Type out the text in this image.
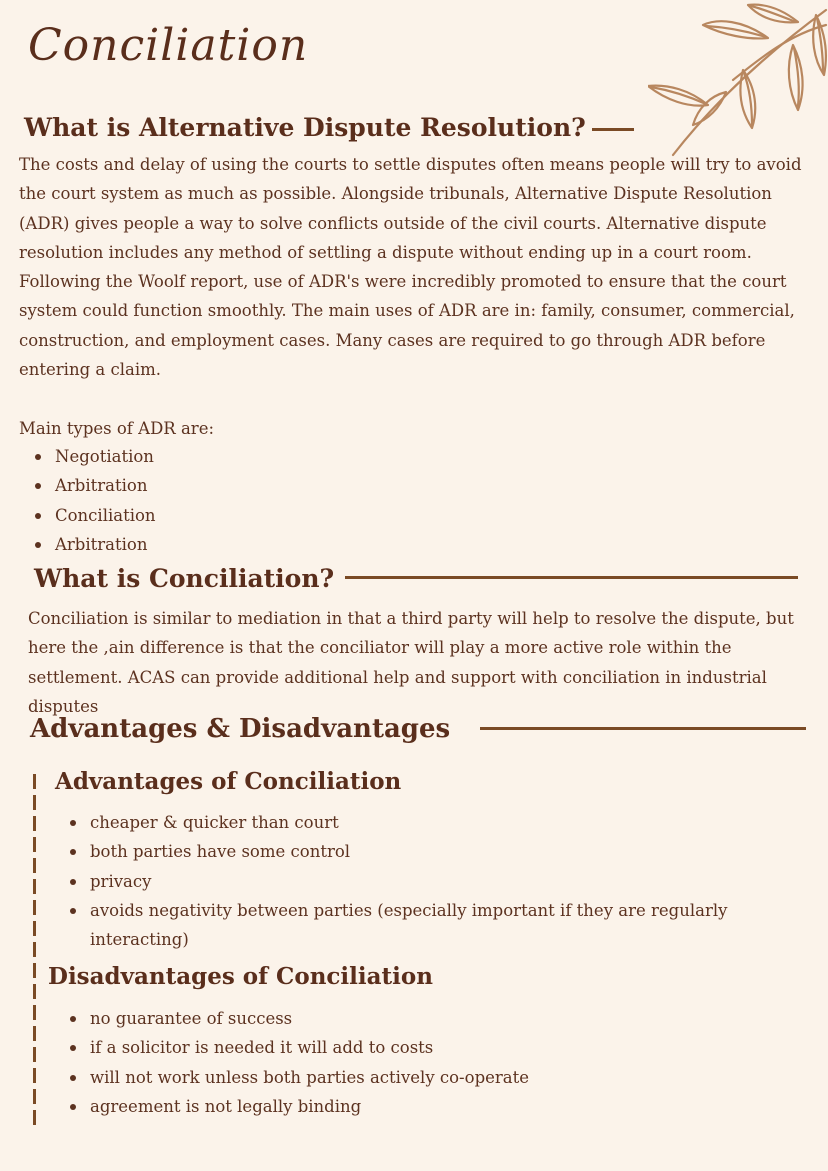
Conciliation
What is Alternative Dispute Resolution?
The costs and delay of using the courts to settle disputes often means people will try to avoid the court system as much as possible. Alongside tribunals, Alternative Dispute Resolution (ADR) gives people a way to solve conflicts outside of the civil courts. Alternative dispute resolution includes any method of settling a dispute without ending up in a court room. Following the Woolf report, use of ADR's were incredibly promoted to ensure that the court system could function smoothly. The main uses of ADR are in: family, consumer, commercial, construction, and employment cases. Many cases are required to go through ADR before entering a claim.
Main types of ADR are:
Negotiation
Arbitration
Conciliation
Arbitration
What is Conciliation?
Conciliation is similar to mediation in that a third party will help to resolve the dispute, but here the ,ain difference is that the conciliator will play a more active role within the settlement. ACAS can provide additional help and support with conciliation in industrial disputes
Advantages & Disadvantages
Advantages of Conciliation
cheaper & quicker than court
both parties have some control
privacy
avoids negativity between parties (especially important if they are regularly interacting)
Disadvantages of Conciliation
no guarantee of success
if a solicitor is needed it will add to costs
will not work unless both parties actively co-operate
agreement is not legally binding
